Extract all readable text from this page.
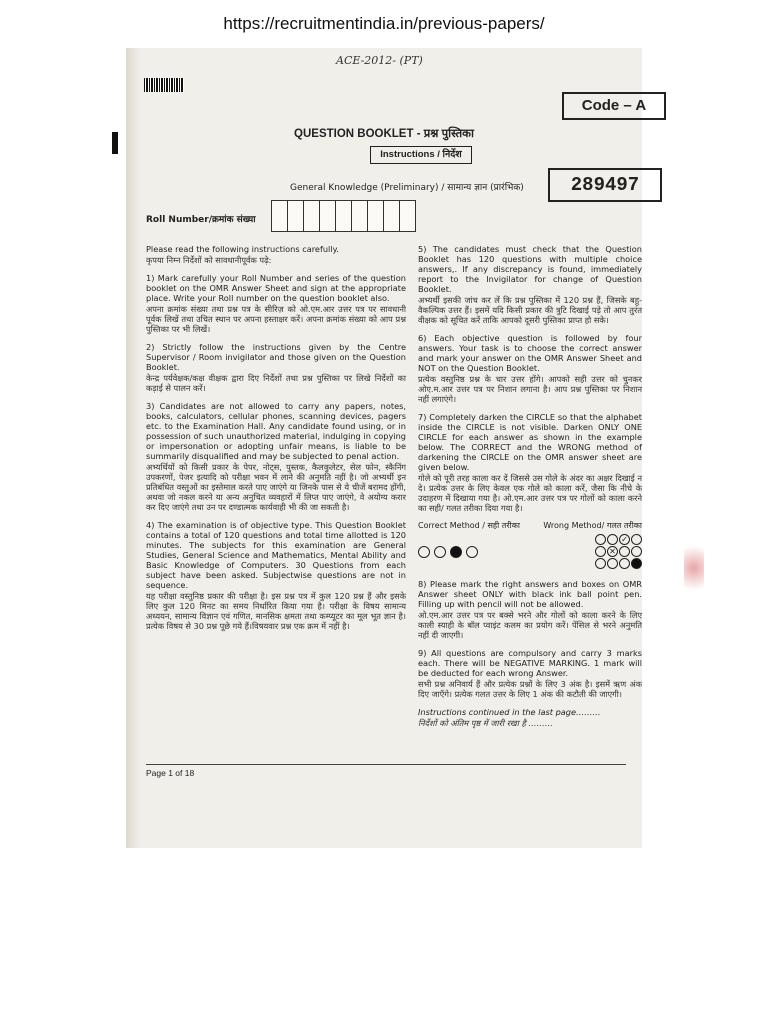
https://recruitmentindia.in/previous-papers/
ACE-2012- (PT)
Code – A
QUESTION BOOKLET - प्रश्न पुस्तिका
Instructions / निर्देश
General Knowledge (Preliminary) / सामान्य ज्ञान (प्रारंभिक)	289497
Roll Number/क्रमांक संख्या

Please read the following instructions carefully.
कृपया निम्न निर्देशों को सावधानीपूर्वक पढ़े:

1) Mark carefully your Roll Number and series of the question booklet on the OMR Answer Sheet and sign at the appropriate place. Write your Roll number on the question booklet also.
अपना क्रमांक संख्या तथा प्रश्न पत्र के सीरिज़ को ओ.एम.आर उत्तर पत्र पर सावधानी पूर्वक लिखें तथा उचित स्थान पर अपना हस्ताक्षर करें। अपना क्रमांक संख्या को आप प्रश्न पुस्तिका पर भी लिखें।

2) Strictly follow the instructions given by the Centre Supervisor / Room invigilator and those given on the Question Booklet.
केन्द्र पर्यवेक्षक/कक्ष वीक्षक द्वारा दिए निर्देशों तथा प्रश्न पुस्तिका पर लिखे निर्देशों का कड़ाई से पालन करें।

3) Candidates are not allowed to carry any papers, notes, books, calculators, cellular phones, scanning devices, pagers etc. to the Examination Hall. Any candidate found using, or in possession of such unauthorized material, indulging in copying or impersonation or adopting unfair means, is liable to be summarily disqualified and may be subjected to penal action.
अभ्यर्थियों को किसी प्रकार के पेपर, नोट्स, पुस्तक, कैलकुलेटर, सेल फोन, स्कैनिंग उपकरणों, पेजर इत्यादि को परीक्षा भवन में लाने की अनुमति नहीं है। जो अभ्यर्थी इन प्रतिबंधित वस्तुओं का इस्तेमाल करते पाए जाएंगे या जिनके पास से ये चीजें बरामद होंगी, अथवा जो नकल करने या अन्य अनुचित व्यवहारों में लिप्त पाए जाएंगे, वे अयोग्य करार कर दिए जाएंगे तथा उन पर दण्डात्मक कार्यवाही भी की जा सकती है।

4) The examination is of objective type. This Question Booklet contains a total of 120 questions and total time allotted is 120 minutes. The subjects for this examination are General Studies, General Science and Mathematics, Mental Ability and Basic Knowledge of Computers. 30 Questions from each subject have been asked. Subjectwise questions are not in sequence.
यह परीक्षा वस्तुनिष्ठ प्रकार की परीक्षा है। इस प्रश्न पत्र में कुल 120 प्रश्न हैं और इसके लिए कुल 120 मिनट का समय निर्धारित किया गया है। परीक्षा के विषय सामान्य अध्ययन, सामान्य विज्ञान एवं गणित, मानसिक क्षमता तथा कम्प्यूटर का मूल भूत ज्ञान है। प्रत्येक विषय से 30 प्रश्न पूछे गये हैं।विषयवार प्रश्न एक क्रम में नहीं है।

5) The candidates must check that the Question Booklet has 120 questions with multiple choice answers,. If any discrepancy is found, immediately report to the Invigilator for change of Question Booklet.
अभ्यर्थी इसकी जांच कर लें कि प्रश्न पुस्तिका में 120 प्रश्न हैं, जिसके बहु-वैकल्पिक उत्तर हैं। इसमें यदि किसी प्रकार की त्रुटि दिखाई पड़े तो आप तुरंत वीक्षक को सूचित करें ताकि आपको दूसरी पुस्तिका प्राप्त हो सके।

6) Each objective question is followed by four answers. Your task is to choose the correct answer and mark your answer on the OMR Answer Sheet and NOT on the Question Booklet.
प्रत्येक वस्तुनिष्ठ प्रश्न के चार उत्तर होंगे। आपको सही उत्तर को चुनकर ओए.म.आर उत्तर पत्र पर निशान लगाना है। आप प्रश्न पुस्तिका पर निशान नहीं लगाएंगे।

7) Completely darken the CIRCLE so that the alphabet inside the CIRCLE is not visible. Darken ONLY ONE CIRCLE for each answer as shown in the example below. The CORRECT and the WRONG method of darkening the CIRCLE on the OMR answer sheet are given below.
गोले को पूरी तरह काला कर दें जिससे उस गोले के अंदर का अक्षर दिखाई न दे। प्रत्येक उत्तर के लिए केवल एक गोले को काला करें, जैसा कि नीचे के उदाहरण में दिखाया गया है। ओ.एम.आर उत्तर पत्र पर गोलों को काला करने का सही/ गलत तरीका दिया गया है।

Correct Method / सही तरीका	Wrong Method/ गलत तरीका
✓
✕

8) Please mark the right answers and boxes on OMR Answer sheet ONLY with black ink ball point pen. Filling up with pencil will not be allowed.
ओ.एम.आर उत्तर पत्र पर बक्से भरने और गोलों को काला करने के लिए काली स्याही के बॉल प्वाइंट कलम का प्रयोग करें। पेंसिल से भरने अनुमति नहीं दी जाएगी।

9) All questions are compulsory and carry 3 marks each. There will be NEGATIVE MARKING. 1 mark will be deducted for each wrong Answer.
सभी प्रश्न अनिवार्य हैं और प्रत्येक प्रश्नों के लिए 3 अंक है। इसमें ऋण अंक दिए जाएँगे। प्रत्येक गलत उत्तर के लिए 1 अंक की कटौती की जाएगी।

Instructions continued in the last page………
निर्देशों को अंतिम पृष्ठ में जारी रखा है ………

Page 1 of 18
